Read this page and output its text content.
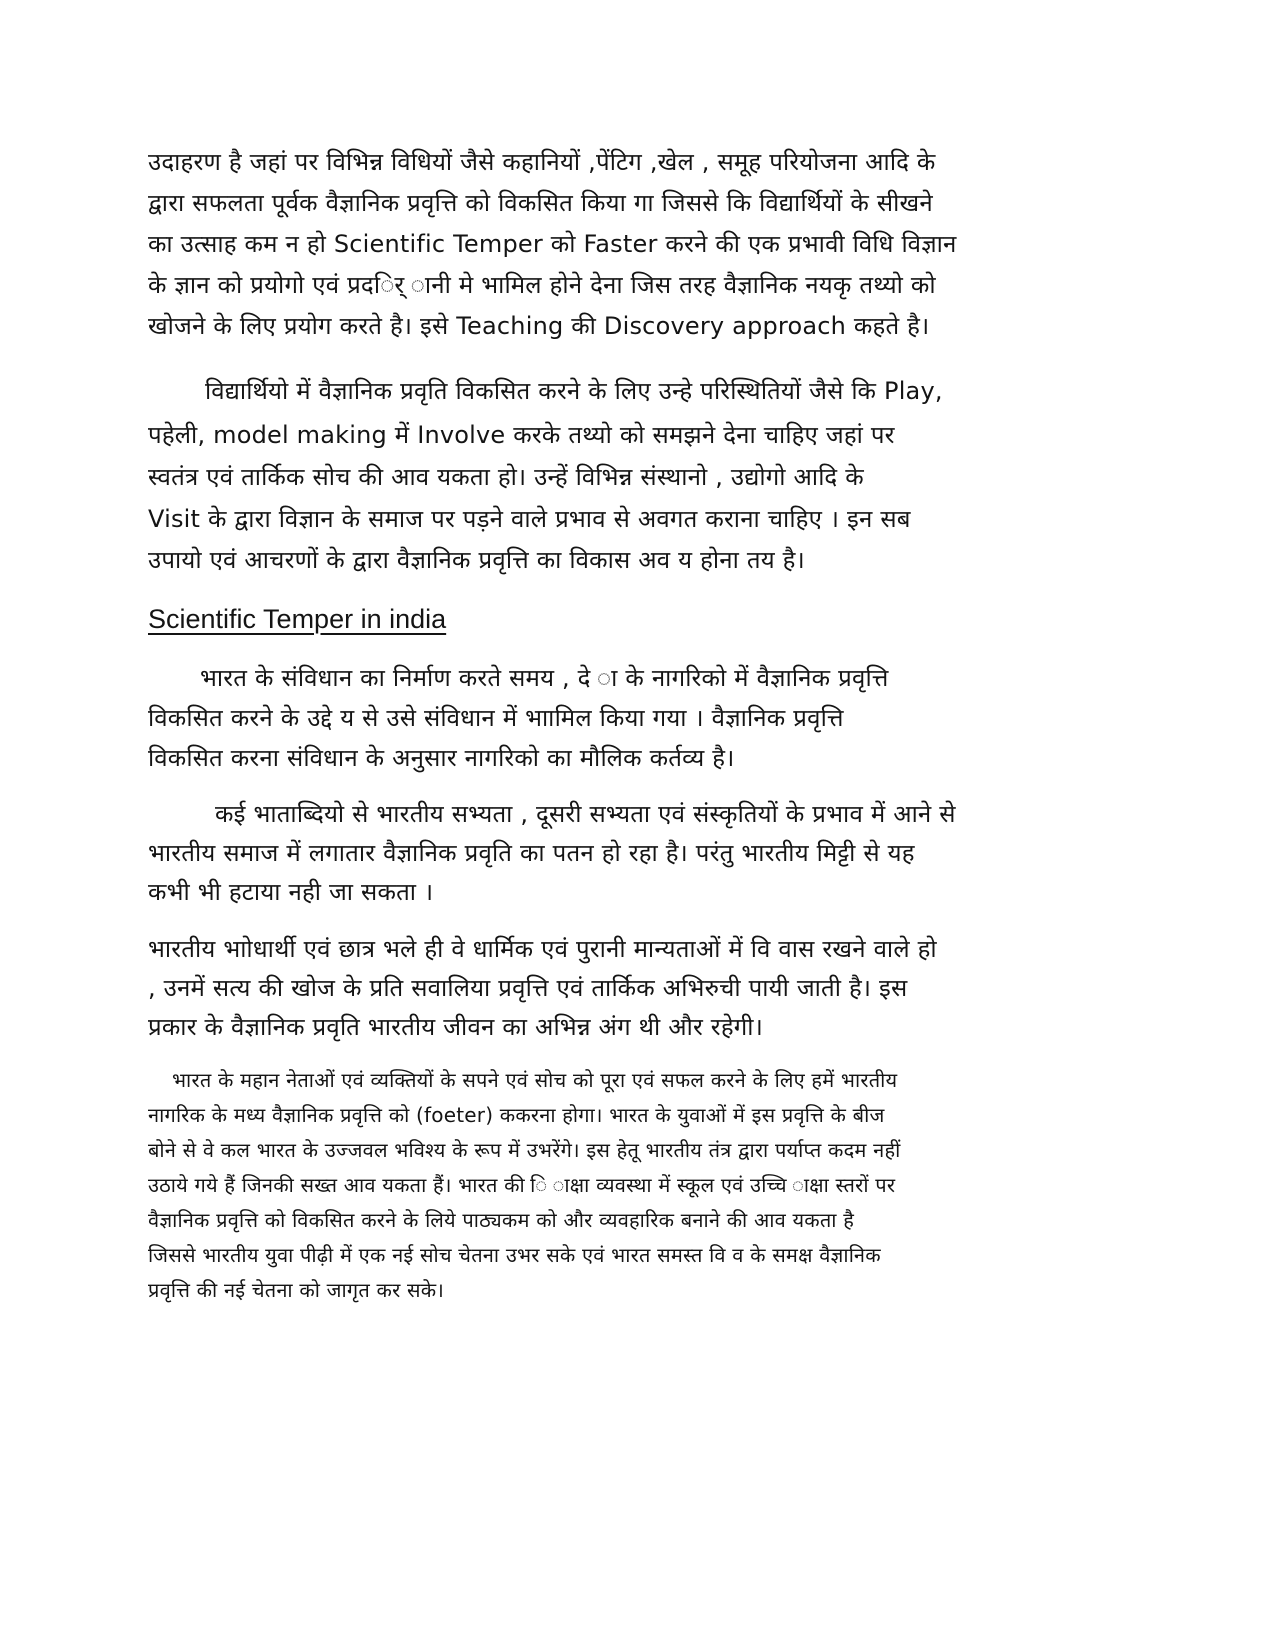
उदाहरण है जहां पर विभिन्न विधियों जैसे कहानियों ,पेंटिग ,खेल , समूह परियोजना आदि के
द्वारा सफलता पूर्वक वैज्ञानिक प्रवृत्ति को विकसित किया गा जिससे कि विद्यार्थियों के सीखने
का उत्साह कम न हो Scientific Temper को Faster करने की एक प्रभावी विधि विज्ञान
के ज्ञान को प्रयोगो एवं प्रदर्ि ानी मे भामिल होने देना जिस तरह वैज्ञानिक नयकृ तथ्यो को
खोजने के लिए प्रयोग करते है। इसे Teaching की Discovery approach कहते है।
विद्यार्थियो में वैज्ञानिक प्रवृति विकसित करने के लिए उन्हे परिस्थितियों जैसे कि Play,
पहेली, model making में Involve करके तथ्यो को समझने देना चाहिए जहां पर
स्वतंत्र एवं तार्किक सोच की आव यकता हो। उन्हें विभिन्न संस्थानो , उद्योगो आदि के
Visit के द्वारा विज्ञान के समाज पर पड़ने वाले प्रभाव से अवगत कराना चाहिए । इन सब
उपायो एवं आचरणों के द्वारा वैज्ञानिक प्रवृत्ति का विकास अव य होना तय है।
Scientific Temper in india
भारत के संविधान का निर्माण करते समय , दे ा के नागरिको में वैज्ञानिक प्रवृत्ति
विकसित करने के उद्दे य से उसे संविधान में भाामिल किया गया । वैज्ञानिक प्रवृत्ति
विकसित करना संविधान के अनुसार नागरिको का मौलिक कर्तव्य है।
कई भाताब्दियो से भारतीय सभ्यता , दूसरी सभ्यता एवं संस्कृतियों के प्रभाव में आने से
भारतीय समाज में लगातार वैज्ञानिक प्रवृति का पतन हो रहा है। परंतु भारतीय मिट्टी से यह
कभी भी हटाया नही जा सकता ।
भारतीय भाोधार्थी एवं छात्र भले ही वे धार्मिक एवं पुरानी मान्यताओं में वि वास रखने वाले हो
, उनमें सत्य की खोज के प्रति सवालिया प्रवृत्ति एवं तार्किक अभिरुची पायी जाती है। इस
प्रकार के वैज्ञानिक प्रवृति भारतीय जीवन का अभिन्न अंग थी और रहेगी।
भारत के महान नेताओं एवं व्यक्तियों के सपने एवं सोच को पूरा एवं सफल करने के लिए हमें भारतीय
नागरिक के मध्य वैज्ञानिक प्रवृत्ति को (foeter) ककरना होगा। भारत के युवाओं में इस प्रवृत्ति के बीज
बोने से वे कल भारत के उज्जवल भविश्य के रूप में उभरेंगे। इस हेतू भारतीय तंत्र द्वारा पर्याप्त कदम नहीं
उठाये गये हैं जिनकी सख्त आव यकता हैं। भारत की ि ाक्षा व्यवस्था में स्कूल एवं उच्चि ाक्षा स्तरों पर
वैज्ञानिक प्रवृत्ति को विकसित करने के लिये पाठ्यकम को और व्यवहारिक बनाने की आव यकता है
जिससे भारतीय युवा पीढ़ी में एक नई सोच चेतना उभर सके एवं भारत समस्त वि व के समक्ष वैज्ञानिक
प्रवृत्ति की नई चेतना को जागृत कर सके।
